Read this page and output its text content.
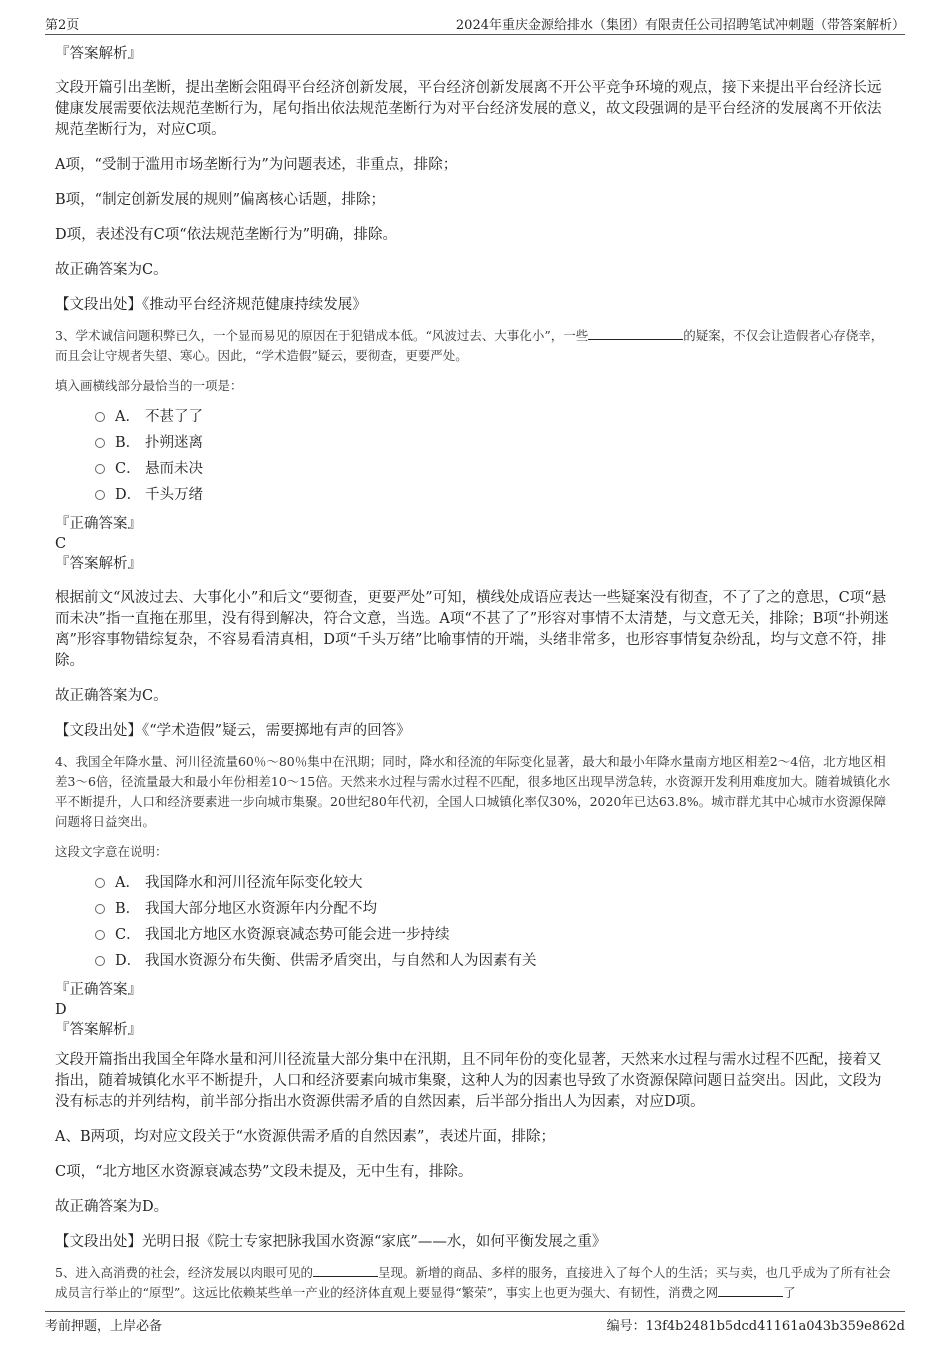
第2页	2024年重庆金源给排水（集团）有限责任公司招聘笔试冲刺题（带答案解析）

『答案解析』

文段开篇引出垄断，提出垄断会阻碍平台经济创新发展，平台经济创新发展离不开公平竞争环境的观点，接下来提出平台经济长远健康发展需要依法规范垄断行为，尾句指出依法规范垄断行为对平台经济发展的意义，故文段强调的是平台经济的发展离不开依法规范垄断行为，对应C项。

A项，“受制于滥用市场垄断行为”为问题表述，非重点，排除；

B项，“制定创新发展的规则”偏离核心话题，排除；

D项，表述没有C项“依法规范垄断行为”明确，排除。

故正确答案为C。

【文段出处】《推动平台经济规范健康持续发展》

3、学术诚信问题积弊已久，一个显而易见的原因在于犯错成本低。“风波过去、大事化小”，一些	的疑案，不仅会让造假者心存侥幸，而且会让守规者失望、寒心。因此，“学术造假”疑云，要彻查，更要严处。

填入画横线部分最恰当的一项是：

A． 不甚了了
B． 扑朔迷离
C． 悬而未决
D． 千头万绪

『正确答案』

C

『答案解析』

根据前文“风波过去、大事化小”和后文“要彻查，更要严处”可知，横线处成语应表达一些疑案没有彻查，不了了之的意思，C项“悬而未决”指一直拖在那里，没有得到解决，符合文意，当选。A项“不甚了了”形容对事情不太清楚，与文意无关，排除；B项“扑朔迷离”形容事物错综复杂，不容易看清真相，D项“千头万绪”比喻事情的开端，头绪非常多，也形容事情复杂纷乱，均与文意不符，排除。

故正确答案为C。

【文段出处】《“学术造假”疑云，需要掷地有声的回答》

4、我国全年降水量、河川径流量60％～80％集中在汛期；同时，降水和径流的年际变化显著，最大和最小年降水量南方地区相差2～4倍，北方地区相差3～6倍，径流量最大和最小年份相差10～15倍。天然来水过程与需水过程不匹配，很多地区出现旱涝急转，水资源开发利用难度加大。随着城镇化水平不断提升，人口和经济要素进一步向城市集聚。20世纪80年代初，全国人口城镇化率仅30%，2020年已达63.8%。城市群尤其中心城市水资源保障问题将日益突出。

这段文字意在说明：

A． 我国降水和河川径流年际变化较大
B． 我国大部分地区水资源年内分配不均
C． 我国北方地区水资源衰减态势可能会进一步持续
D． 我国水资源分布失衡、供需矛盾突出，与自然和人为因素有关

『正确答案』

D

『答案解析』

文段开篇指出我国全年降水量和河川径流量大部分集中在汛期，且不同年份的变化显著，天然来水过程与需水过程不匹配，接着又指出，随着城镇化水平不断提升，人口和经济要素向城市集聚，这种人为的因素也导致了水资源保障问题日益突出。因此，文段为没有标志的并列结构，前半部分指出水资源供需矛盾的自然因素，后半部分指出人为因素，对应D项。

A、B两项，均对应文段关于“水资源供需矛盾的自然因素”，表述片面，排除；

C项，“北方地区水资源衰减态势”文段未提及，无中生有，排除。

故正确答案为D。

【文段出处】光明日报《院士专家把脉我国水资源“家底”——水，如何平衡发展之重》

5、进入高消费的社会，经济发展以肉眼可见的	呈现。新增的商品、多样的服务，直接进入了每个人的生活；买与卖，也几乎成为了所有社会成员言行举止的“原型”。这远比依赖某些单一产业的经济体直观上要显得“繁荣”，事实上也更为强大、有韧性，消费之网	了

考前押题，上岸必备	编号：13f4b2481b5dcd41161a043b359e862d
